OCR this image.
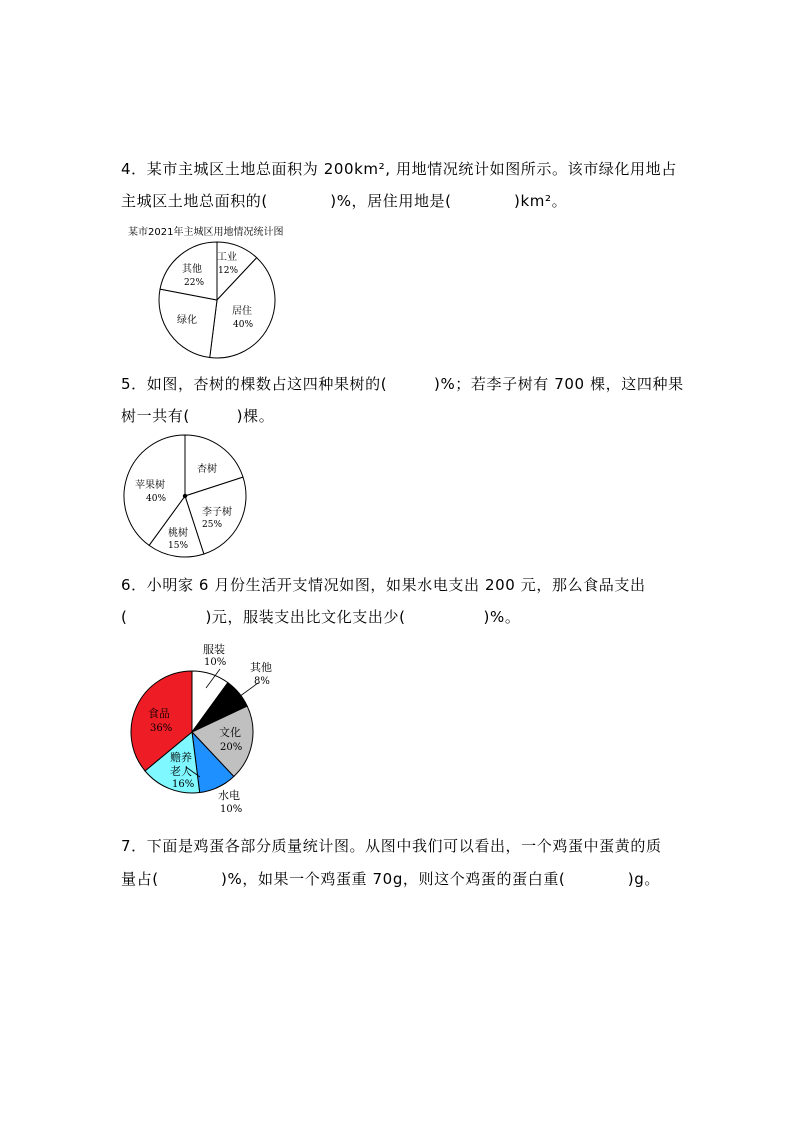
4．某市主城区土地总面积为 200km², 用地情况统计如图所示。该市绿化用地占
主城区土地总面积的(　　　　)%，居住用地是(　　　　)km²。
5．如图，杏树的棵数占这四种果树的(　　　)%；若李子树有 700 棵，这四种果
树一共有(　　　)棵。
6．小明家 6 月份生活开支情况如图，如果水电支出 200 元，那么食品支出
(　　　　　)元，服装支出比文化支出少(　　　　　)%。
7．下面是鸡蛋各部分质量统计图。从图中我们可以看出，一个鸡蛋中蛋黄的质
量占(　　　　)%，如果一个鸡蛋重 70g，则这个鸡蛋的蛋白重(　　　　)g。
某市2021年主城区用地情况统计图
工业
12%
其他
22%
居住
40%
绿化
杏树
苹果树
40%
李子树
25%
桃树
15%
服装
10% 其他
8%
食品
36%	文化
20%
赡养
老人
16%
水电
10%
